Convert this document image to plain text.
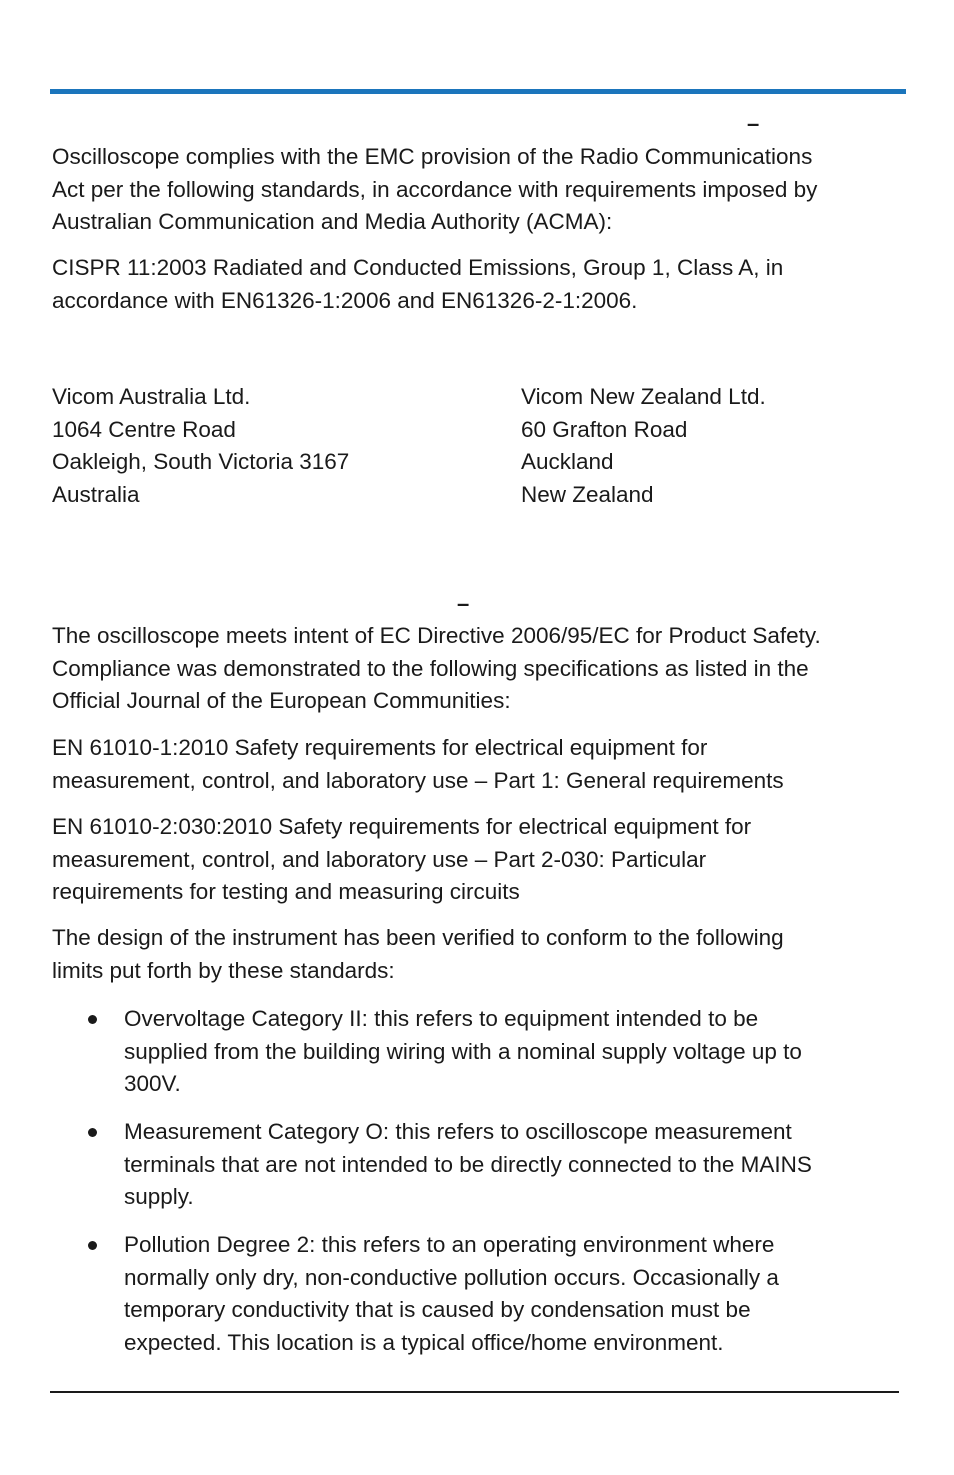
–

Oscilloscope complies with the EMC provision of the Radio Communications
Act per the following standards, in accordance with requirements imposed by
Australian Communication and Media Authority (ACMA):

CISPR 11:2003 Radiated and Conducted Emissions, Group 1, Class A, in
accordance with EN61326-1:2006 and EN61326-2-1:2006.

Vicom Australia Ltd.
1064 Centre Road
Oakleigh, South Victoria 3167
Australia

Vicom New Zealand Ltd.
60 Grafton Road
Auckland
New Zealand

–

The oscilloscope meets intent of EC Directive 2006/95/EC for Product Safety.
Compliance was demonstrated to the following specifications as listed in the
Official Journal of the European Communities:

EN 61010-1:2010 Safety requirements for electrical equipment for
measurement, control, and laboratory use – Part 1: General requirements

EN 61010-2:030:2010 Safety requirements for electrical equipment for
measurement, control, and laboratory use – Part 2-030: Particular
requirements for testing and measuring circuits

The design of the instrument has been verified to conform to the following
limits put forth by these standards:

Overvoltage Category II: this refers to equipment intended to be
supplied from the building wiring with a nominal supply voltage up to
300V.

Measurement Category O: this refers to oscilloscope measurement
terminals that are not intended to be directly connected to the MAINS
supply.

Pollution Degree 2: this refers to an operating environment where
normally only dry, non-conductive pollution occurs. Occasionally a
temporary conductivity that is caused by condensation must be
expected. This location is a typical office/home environment.
